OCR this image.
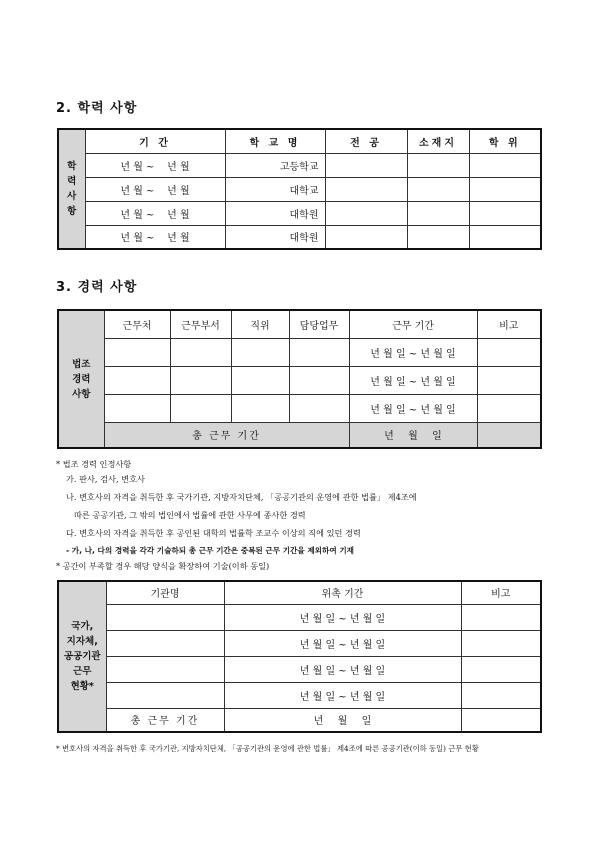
2. 학력 사항
학
력
사
항	기 간	학 교 명	전 공	소재지	학 위
	년 월 ~    년 월	고등학교			
	년 월 ~    년 월	대학교			
	년 월 ~    년 월	대학원			
	년 월 ~    년 월	대학원			
3. 경력 사항
법조
경력
사항	근무처	근무부서	직위	담당업무	근무 기간	비고
					년 월 일 ~ 년 월 일	
					년 월 일 ~ 년 월 일	
					년 월 일 ~ 년 월 일	
	총 근무 기간				년  월  일	
* 법조 경력 인정사항
가. 판사, 검사, 변호사
나. 변호사의 자격을 취득한 후 국가기관, 지방자치단체, 「공공기관의 운영에 관한 법률」 제4조에
따른 공공기관, 그 밖의 법인에서 법률에 관한 사무에 종사한 경력
다. 변호사의 자격을 취득한 후 공인된 대학의 법률학 조교수 이상의 직에 있던 경력
- 가, 나, 다의 경력을 각각 기술하되 총 근무 기간은 중복된 근무 기간을 제외하여 기재
* 공간이 부족할 경우 해당 양식을 확장하여 기술(이하 동일)
국가,
지자체,
공공기관
근무
현황*	기관명	위촉 기간	비고
		년 월 일 ~ 년 월 일	
		년 월 일 ~ 년 월 일	
		년 월 일 ~ 년 월 일	
		년 월 일 ~ 년 월 일	
	총 근무 기간	년  월  일	
* 변호사의 자격을 취득한 후 국가기관, 지방자치단체, 「공공기관의 운영에 관한 법률」 제4조에 따른 공공기관(이하 동일) 근무 현황
